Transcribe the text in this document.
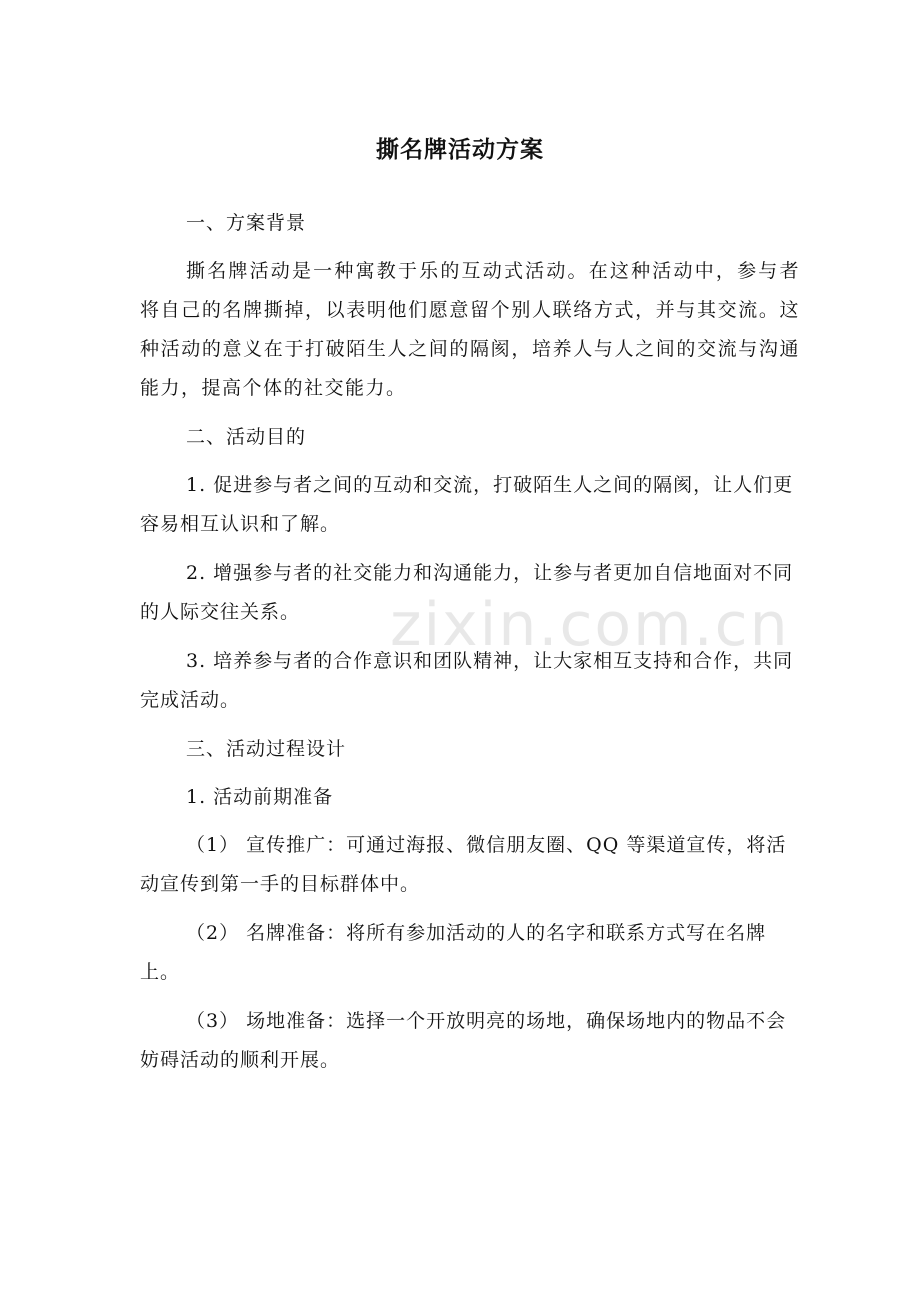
zixin.com.cn
撕名牌活动方案
一、方案背景
撕名牌活动是一种寓教于乐的互动式活动。在这种活动中，参与者将自己的名牌撕掉，以表明他们愿意留个别人联络方式，并与其交流。这种活动的意义在于打破陌生人之间的隔阂，培养人与人之间的交流与沟通能力，提高个体的社交能力。
二、活动目的
1. 促进参与者之间的互动和交流，打破陌生人之间的隔阂，让人们更容易相互认识和了解。
2. 增强参与者的社交能力和沟通能力，让参与者更加自信地面对不同的人际交往关系。
3. 培养参与者的合作意识和团队精神，让大家相互支持和合作，共同完成活动。
三、活动过程设计
1. 活动前期准备
（1） 宣传推广：可通过海报、微信朋友圈、QQ 等渠道宣传，将活动宣传到第一手的目标群体中。
（2） 名牌准备：将所有参加活动的人的名字和联系方式写在名牌上。
（3） 场地准备：选择一个开放明亮的场地，确保场地内的物品不会妨碍活动的顺利开展。
